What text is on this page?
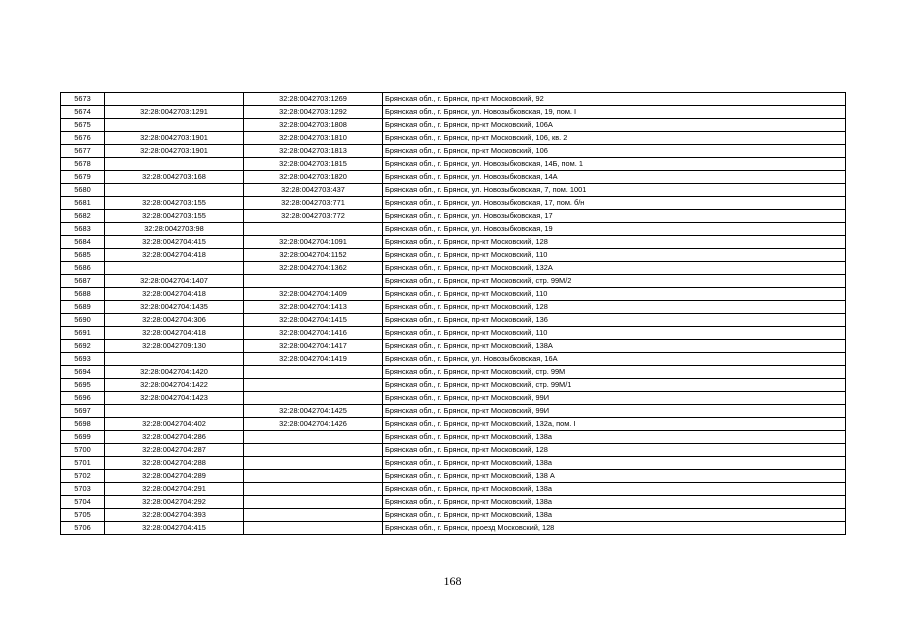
5673		32:28:0042703:1269	Брянская обл., г. Брянск, пр-кт Московский, 92
5674	32:28:0042703:1291	32:28:0042703:1292	Брянская обл., г. Брянск, ул. Новозыбковская, 19, пом. I
5675		32:28:0042703:1808	Брянская обл., г. Брянск, пр-кт Московский, 106А
5676	32:28:0042703:1901	32:28:0042703:1810	Брянская обл., г. Брянск, пр-кт Московский, 106, кв. 2
5677	32:28:0042703:1901	32:28:0042703:1813	Брянская обл., г. Брянск, пр-кт Московский, 106
5678		32:28:0042703:1815	Брянская обл., г. Брянск, ул. Новозыбковская, 14Б, пом. 1
5679	32:28:0042703:168	32:28:0042703:1820	Брянская обл., г. Брянск, ул. Новозыбковская, 14А
5680		32:28:0042703:437	Брянская обл., г. Брянск, ул. Новозыбковская, 7, пом. 1001
5681	32:28:0042703:155	32:28:0042703:771	Брянская обл., г. Брянск, ул. Новозыбковская, 17, пом. б/н
5682	32:28:0042703:155	32:28:0042703:772	Брянская обл., г. Брянск, ул. Новозыбковская, 17
5683	32:28:0042703:98		Брянская обл., г. Брянск, ул. Новозыбковская, 19
5684	32:28:0042704:415	32:28:0042704:1091	Брянская обл., г. Брянск, пр-кт Московский, 128
5685	32:28:0042704:418	32:28:0042704:1152	Брянская обл., г. Брянск, пр-кт Московский, 110
5686		32:28:0042704:1362	Брянская обл., г. Брянск, пр-кт Московский, 132А
5687	32:28:0042704:1407		Брянская обл., г. Брянск, пр-кт Московский, стр. 99М/2
5688	32:28:0042704:418	32:28:0042704:1409	Брянская обл., г. Брянск, пр-кт Московский, 110
5689	32:28:0042704:1435	32:28:0042704:1413	Брянская обл., г. Брянск, пр-кт Московский, 128
5690	32:28:0042704:306	32:28:0042704:1415	Брянская обл., г. Брянск, пр-кт Московский, 136
5691	32:28:0042704:418	32:28:0042704:1416	Брянская обл., г. Брянск, пр-кт Московский, 110
5692	32:28:0042709:130	32:28:0042704:1417	Брянская обл., г. Брянск, пр-кт Московский, 138А
5693		32:28:0042704:1419	Брянская обл., г. Брянск, ул. Новозыбковская, 16А
5694	32:28:0042704:1420		Брянская обл., г. Брянск, пр-кт Московский, стр. 99М
5695	32:28:0042704:1422		Брянская обл., г. Брянск, пр-кт Московский, стр. 99М/1
5696	32:28:0042704:1423		Брянская обл., г. Брянск, пр-кт Московский, 99И
5697		32:28:0042704:1425	Брянская обл., г. Брянск, пр-кт Московский, 99И
5698	32:28:0042704:402	32:28:0042704:1426	Брянская обл., г. Брянск, пр-кт Московский, 132а, пом. I
5699	32:28:0042704:286		Брянская обл., г. Брянск, пр-кт Московский, 138а
5700	32:28:0042704:287		Брянская обл., г. Брянск, пр-кт Московский, 128
5701	32:28:0042704:288		Брянская обл., г. Брянск, пр-кт Московский, 138а
5702	32:28:0042704:289		Брянская обл., г. Брянск, пр-кт Московский, 138 А
5703	32:28:0042704:291		Брянская обл., г. Брянск, пр-кт Московский, 138а
5704	32:28:0042704:292		Брянская обл., г. Брянск, пр-кт Московский, 138а
5705	32:28:0042704:393		Брянская обл., г. Брянск, пр-кт Московский, 138а
5706	32:28:0042704:415		Брянская обл., г. Брянск, проезд Московский, 128
168
